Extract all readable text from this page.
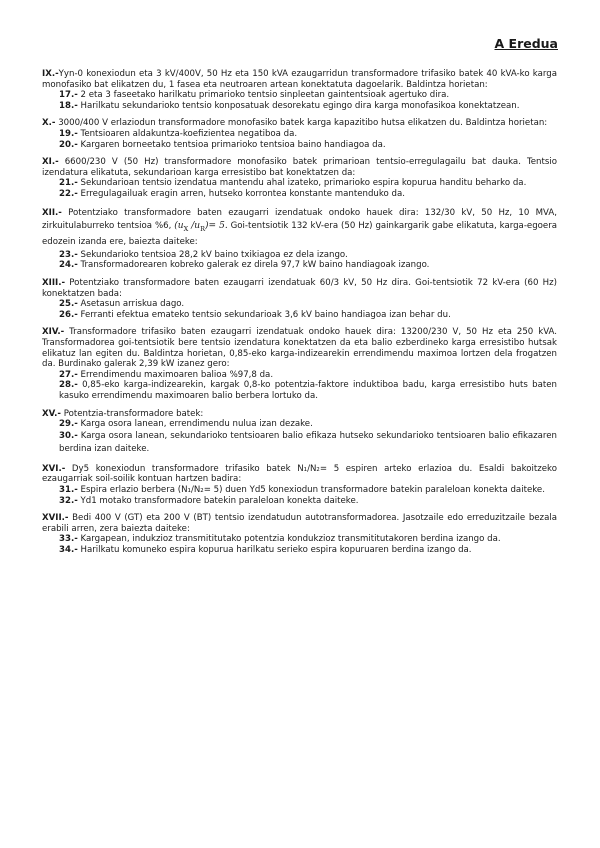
A Eredua
IX.-Yyn-0 konexiodun eta 3 kV/400V, 50 Hz eta 150 kVA ezaugarridun transformadore trifasiko batek 40 kVA-ko karga monofasiko bat elikatzen du, 1 fasea eta neutroaren artean konektatuta dagoelarik. Baldintza horietan:
17.- 2 eta 3 faseetako harilkatu primarioko tentsio sinpleetan gaintentsioak agertuko dira.
18.- Harilkatu sekundarioko tentsio konposatuak desorekatu egingo dira karga monofasikoa konektatzean.
X.- 3000/400 V erlaziodun transformadore monofasiko batek karga kapazitibo hutsa elikatzen du. Baldintza horietan:
19.- Tentsioaren aldakuntza-koefizientea negatiboa da.
20.- Kargaren borneetako tentsioa primarioko tentsioa baino handiagoa da.
XI.- 6600/230 V (50 Hz) transformadore monofasiko batek primarioan tentsio-erregulagailu bat dauka. Tentsio izendatura elikatuta, sekundarioan karga erresistibo bat konektatzen da:
21.- Sekundarioan tentsio izendatua mantendu ahal izateko, primarioko espira kopurua handitu beharko da.
22.- Erregulagailuak eragin arren, hutseko korrontea konstante mantenduko da.
XII.- Potentziako transformadore baten ezaugarri izendatuak ondoko hauek dira: 132/30 kV, 50 Hz, 10 MVA, zirkuitulaburreko tentsioa %6, ($u_X$ $/u_R)= 5$. Goi-tentsiotik 132 kV-era (50 Hz) gainkargarik gabe elikatuta, karga-egoera edozein izanda ere, baiezta daiteke:
23.- Sekundarioko tentsioa 28,2 kV baino txikiagoa ez dela izango.
24.- Transformadorearen kobreko galerak ez direla 97,7 kW baino handiagoak izango.
XIII.- Potentziako transformadore baten ezaugarri izendatuak 60/3 kV, 50 Hz dira. Goi-tentsiotik 72 kV-era (60 Hz) konektatzen bada:
25.- Asetasun arriskua dago.
26.- Ferranti efektua emateko tentsio sekundarioak 3,6 kV baino handiagoa izan behar du.
XIV.- Transformadore trifasiko baten ezaugarri izendatuak ondoko hauek dira: 13200/230 V, 50 Hz eta 250 kVA. Transformadorea goi-tentsiotik bere tentsio izendatura konektatzen da eta balio ezberdineko karga erresistibo hutsak elikatuz lan egiten du. Baldintza horietan, 0,85-eko karga-indizearekin errendimendu maximoa lortzen dela frogatzen da. Burdinako galerak 2,39 kW izanez gero:
27.- Errendimendu maximoaren balioa %97,8 da.
28.- 0,85-eko karga-indizearekin, kargak 0,8-ko potentzia-faktore induktiboa badu, karga erresistibo huts baten kasuko errendimendu maximoaren balio berbera lortuko da.
XV.- Potentzia-transformadore batek:
29.- Karga osora lanean, errendimendu nulua izan dezake.
30.- Karga osora lanean, sekundarioko tentsioaren balio efikaza hutseko sekundarioko tentsioaren balio efikazaren berdina izan daiteke.
XVI.- Dy5 konexiodun transformadore trifasiko batek N₁/N₂= 5 espiren arteko erlazioa du. Esaldi bakoitzeko ezaugarriak soil-soilik kontuan hartzen badira:
31.- Espira erlazio berbera (N₁/N₂= 5) duen Yd5 konexiodun transformadore batekin paraleloan konekta daiteke.
32.- Yd1 motako transformadore batekin paraleloan konekta daiteke.
XVII.- Bedi 400 V (GT) eta 200 V (BT) tentsio izendatudun autotransformadorea. Jasotzaile edo erreduzitzaile bezala erabili arren, zera baiezta daiteke:
33.- Kargapean, indukzioz transmititutako potentzia kondukzioz transmititutakoren berdina izango da.
34.- Harilkatu komuneko espira kopurua harilkatu serieko espira kopuruaren berdina izango da.
